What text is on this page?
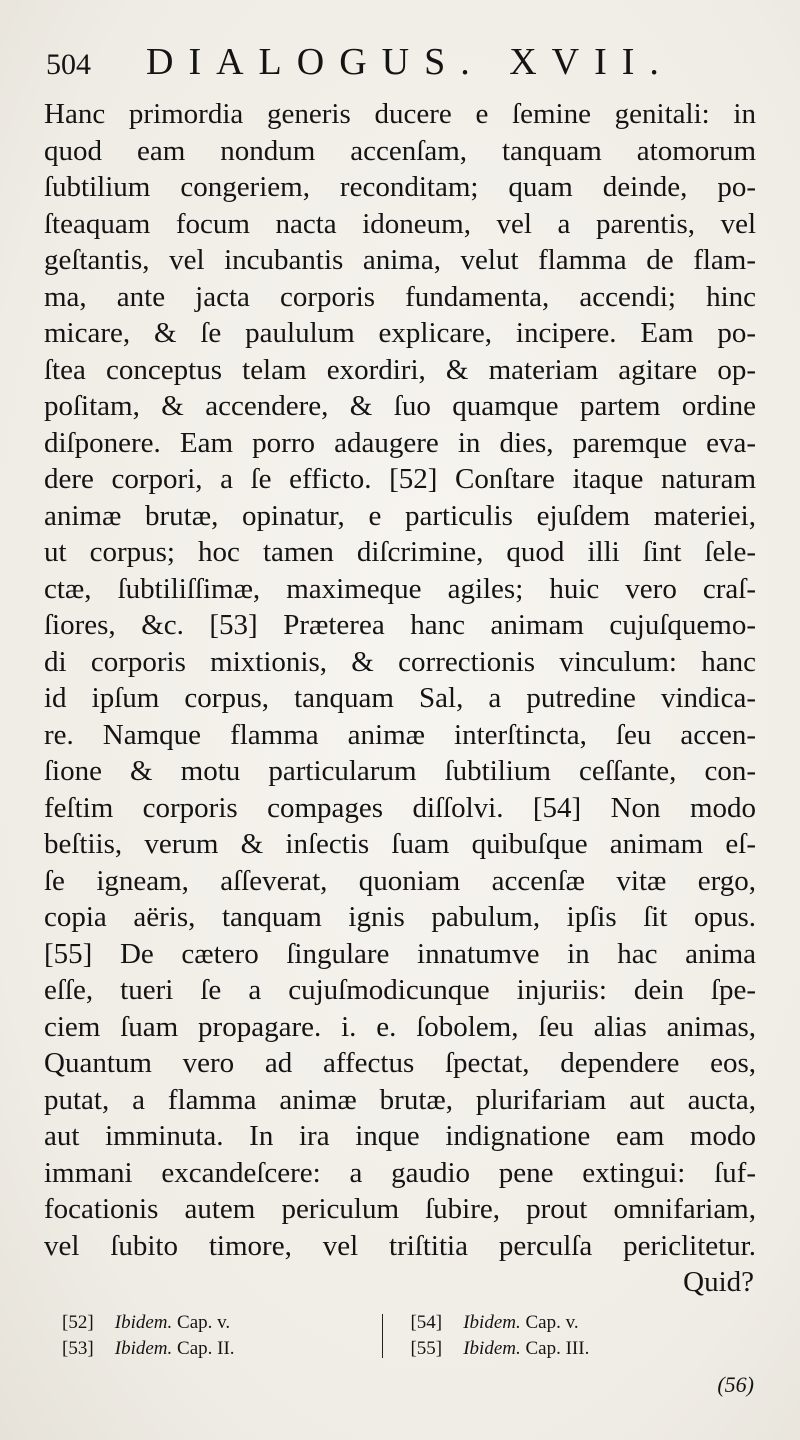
504	DIALOGUS. XVII.
Hanc primordia generis ducere e ſemine genitali: in
quod eam nondum accenſam, tanquam atomorum
ſubtilium congeriem, reconditam; quam deinde, po-
ſteaquam focum nacta idoneum, vel a parentis, vel
geſtantis, vel incubantis anima, velut flamma de flam-
ma, ante jacta corporis fundamenta, accendi; hinc
micare, & ſe paululum explicare, incipere. Eam po-
ſtea conceptus telam exordiri, & materiam agitare op-
poſitam, & accendere, & ſuo quamque partem ordine
diſponere. Eam porro adaugere in dies, paremque eva-
dere corpori, a ſe effictо. [52] Conſtare itaque naturam
animæ brutæ, opinatur, e particulis ejuſdem materiei,
ut corpus; hoc tamen diſcrimine, quod illi ſint ſele-
ctæ, ſubtiliſſimæ, maximeque agiles; huic vero craſ-
ſiores, &c. [53] Præterea hanc animam cujuſquemo-
di corporis mixtionis, & correctionis vinculum: hanc
id ipſum corpus, tanquam Sal, a putredine vindica-
re. Namque flamma animæ interſtincta, ſeu accen-
ſione & motu particularum ſubtilium ceſſante, con-
feſtim corporis compages diſſolvi. [54] Non modo
beſtiis, verum & inſectis ſuam quibuſque animam eſ-
ſe igneam, aſſeverat, quoniam accenſæ vitæ ergo,
copia aëris, tanquam ignis pabulum, ipſis ſit opus.
[55] De cætero ſingulare innatumve in hac anima
eſſe, tueri ſe a cujuſmodicunque injuriis: dein ſpe-
ciem ſuam propagare. i. e. ſobolem, ſeu alias animas,
Quantum vero ad affectus ſpectat, dependere eos,
putat, a flamma animæ brutæ, plurifariam aut aucta,
aut imminuta. In ira inque indignatione eam modo
immani excandeſcere: a gaudio pene extingui: ſuf-
focationis autem periculum ſubire, prout omnifariam,
vel ſubito timore, vel triſtitia perculſa periclitetur.
Quid?
[52] Ibidem. Cap. v.
[53] Ibidem. Cap. II.
[54] Ibidem. Cap. v.
[55] Ibidem. Cap. III.
(56)
